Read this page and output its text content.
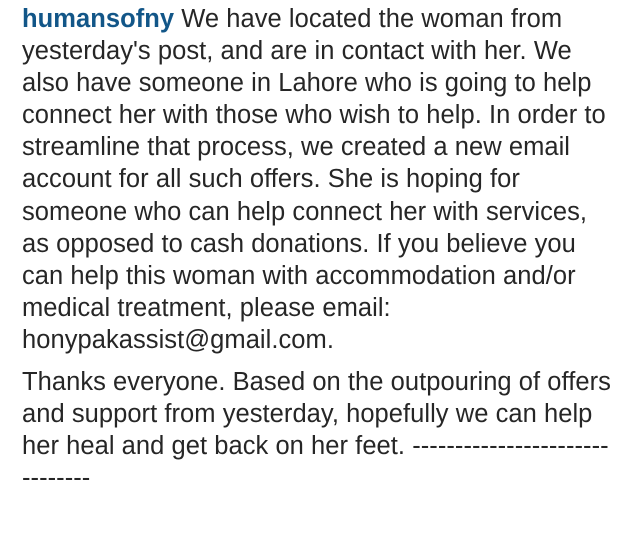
humansofny We have located the woman from yesterday's post, and are in contact with her. We also have someone in Lahore who is going to help connect her with those who wish to help. In order to streamline that process, we created a new email account for all such offers. She is hoping for someone who can help connect her with services, as opposed to cash donations. If you believe you can help this woman with accommodation and/or medical treatment, please email: honypakassist@gmail.com.

Thanks everyone. Based on the outpouring of offers and support from yesterday, hopefully we can help her heal and get back on her feet. -------------------------------
